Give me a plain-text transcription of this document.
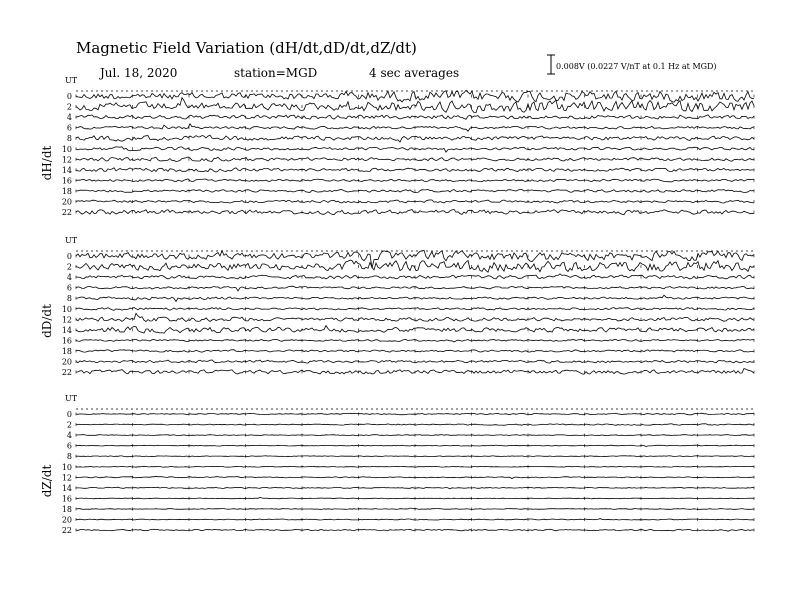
Magnetic Field Variation (dH/dt,dD/dt,dZ/dt)
Jul. 18, 2020	station=MGD	4 sec averages	0.008V (0.0227 V/nT at 0.1 Hz at MGD)
UT
dH/dt
0
2
4
6
8
10
12
14
16
18
20
22
UT
dD/dt
0
2
4
6
8
10
12
14
16
18
20
22
UT
dZ/dt
0
2
4
6
8
10
12
14
16
18
20
22
